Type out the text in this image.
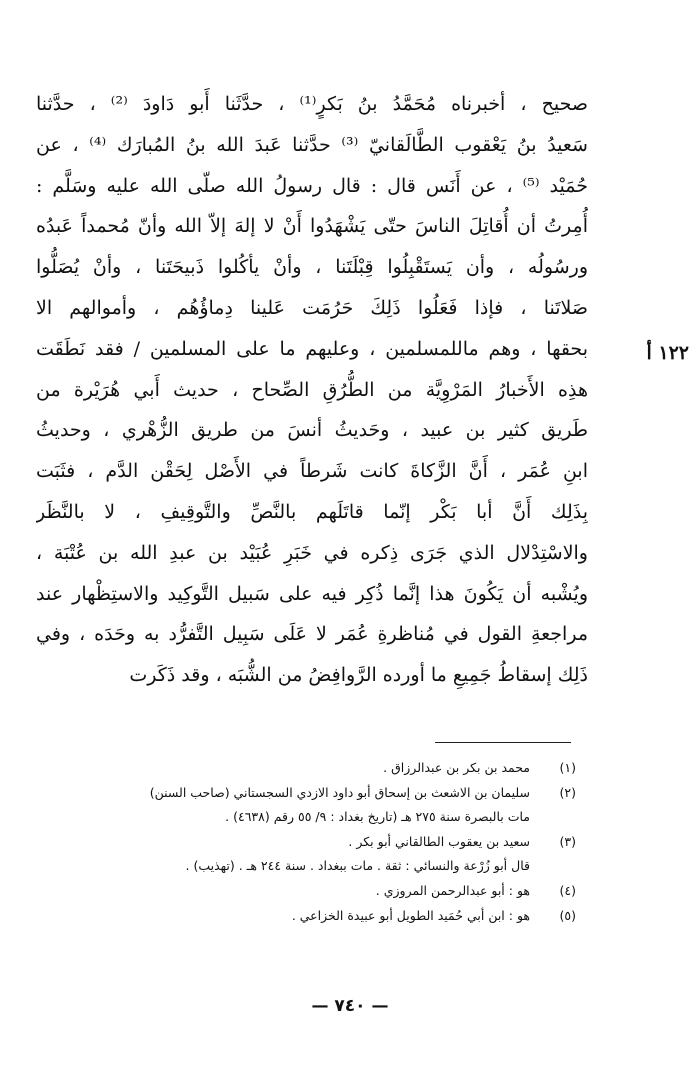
صحيح ، أخبرناه مُحَمَّدُ بنُ بَكرٍ⁽¹⁾ ، حدَّثَنا أَبو دَاودَ ⁽²⁾ ، حدَّثنا
سَعيدُ بنُ يَعْقوب الطَّالَقانيّ ⁽³⁾ حدَّثنا عَبدَ الله بنُ المُبارَك ⁽⁴⁾ ، عن
حُمَيْد ⁽⁵⁾ ، عن أَنَس قال : قال رسولُ الله صلّى الله عليه وسَلَّم :
أُمِرتُ أن أُقاتِلَ الناسَ حتّى يَشْهَدُوا أَنْ لا إلهَ إلاّ الله وأنّ مُحمداً عَبدُه
ورسُولُه ، وأن يَستَقْبِلُوا قِبْلَتَنا ، وأنْ يأكُلوا ذَبيحَتَنا ، وأنْ يُصَلُّوا
صَلاتَنا ، فإذا فَعَلُوا ذَلِكَ حَرُمَت عَلينا دِماؤُهُم ، وأموالهم الا
بحقها ، وهم ماللمسلمين ، وعليهم ما على المسلمين / فقد نَطَقَت
هذِه الأَخبارُ المَرْوِيَّة من الطُّرُقِ الصِّحاح ، حديث أَبي هُرَيْرة من
طَريق كثير بن عبيد ، وحَديثُ أنسَ من طريق الزُّهْري ، وحديثُ
ابنِ عُمَر ، أَنَّ الزَّكاةَ كانت شَرطاً في الأَصْل لِحَقْن الدَّم ، فثَبَت
بِذَلِك أَنَّ أبا بَكْر إنّما قاتَلَهم بالنَّصِّ والتَّوقِيفِ ، لا بالنَّظَر
والاسْتِدْلال الذي جَرَى ذِكره في خَبَرِ عُبَيْد بن عبدِ الله بن عُتْبَة ،
ويُشْبه أن يَكُونَ هذا إنَّما ذُكِر فيه على سَبيل التَّوكِيد والاستِظْهار عند
مراجعةِ القول في مُناظرةِ عُمَر لا عَلَى سَبِيل التَّفرُّد به وحَدَه ، وفي
ذَلِك إسقاطُ جَمِيعِ ما أورده الرَّوافِضُ من الشُّبَه ، وقد ذَكَرت
١٢٢ أ
(١)
محمد بن بكر بن عبدالرزاق .
(٢)
سليمان بن الاشعث بن إسحاق أبو داود الازدي السجستاني (صاحب السنن)
مات بالبصرة سنة ٢٧٥ هـ (تاريخ بغداد : ٩/ ٥٥ رقم (٤٦٣٨) .
(٣)
سعيد بن يعقوب الطالقاني أبو بكر .
قال أبو زُرْعة والنسائي : ثقة . مات ببغداد . سنة ٢٤٤ هـ . (تهذيب) .
(٤)
هو : أبو عبدالرحمن المروزي .
(٥)
هو : ابن أبي حُمَيد الطويل أبو عبيدة الخزاعي .
— ٧٤٠ —
